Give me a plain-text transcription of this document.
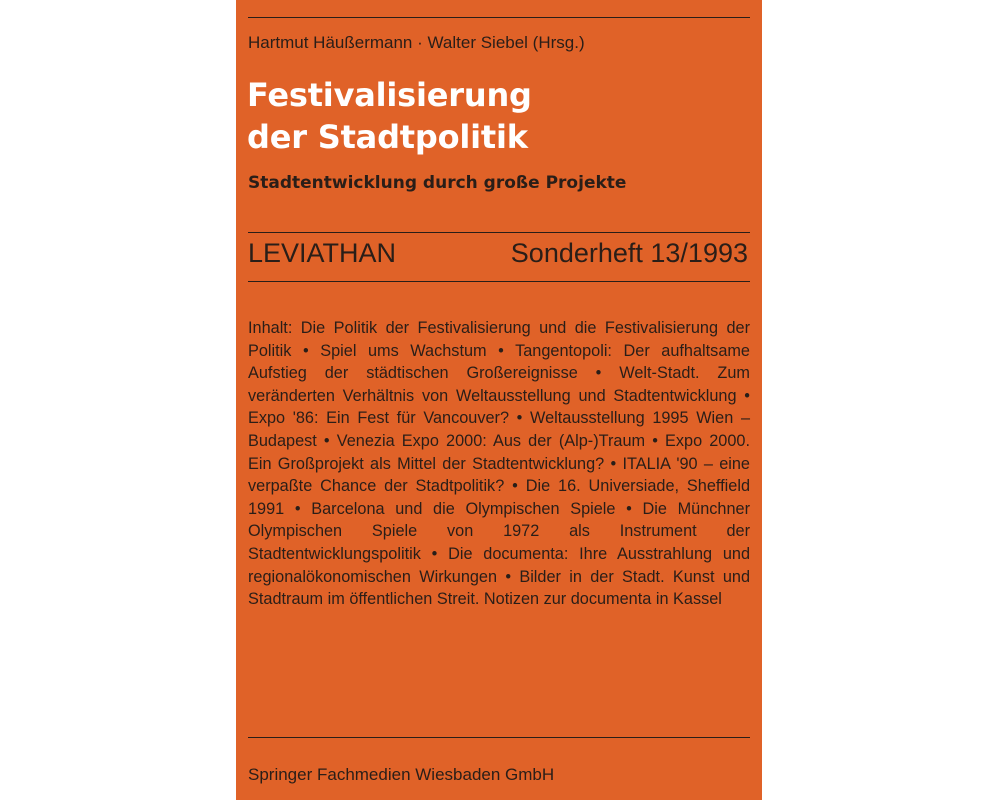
Hartmut Häußermann · Walter Siebel (Hrsg.)
Festivalisierung
der Stadtpolitik
Stadtentwicklung durch große Projekte
LEVIATHAN	Sonderheft 13/1993

Inhalt: Die Politik der Festivalisierung und die Festivalisierung der Politik • Spiel ums Wachstum • Tangentopoli: Der aufhaltsame Aufstieg der städtischen Großereignisse • Welt-Stadt. Zum veränderten Verhältnis von Weltausstellung und Stadtentwicklung • Expo '86: Ein Fest für Vancouver? • Weltausstellung 1995 Wien – Budapest • Venezia Expo 2000: Aus der (Alp-)Traum • Expo 2000. Ein Großprojekt als Mittel der Stadtentwicklung? • ITALIA '90 – eine verpaßte Chance der Stadtpolitik? • Die 16. Universiade, Sheffield 1991 • Barcelona und die Olympischen Spiele • Die Münchner Olympischen Spiele von 1972 als Instrument der Stadtentwicklungspolitik • Die documenta: Ihre Ausstrahlung und regionalökonomischen Wirkungen • Bilder in der Stadt. Kunst und Stadtraum im öffentlichen Streit. Notizen zur documenta in Kassel

Springer Fachmedien Wiesbaden GmbH
